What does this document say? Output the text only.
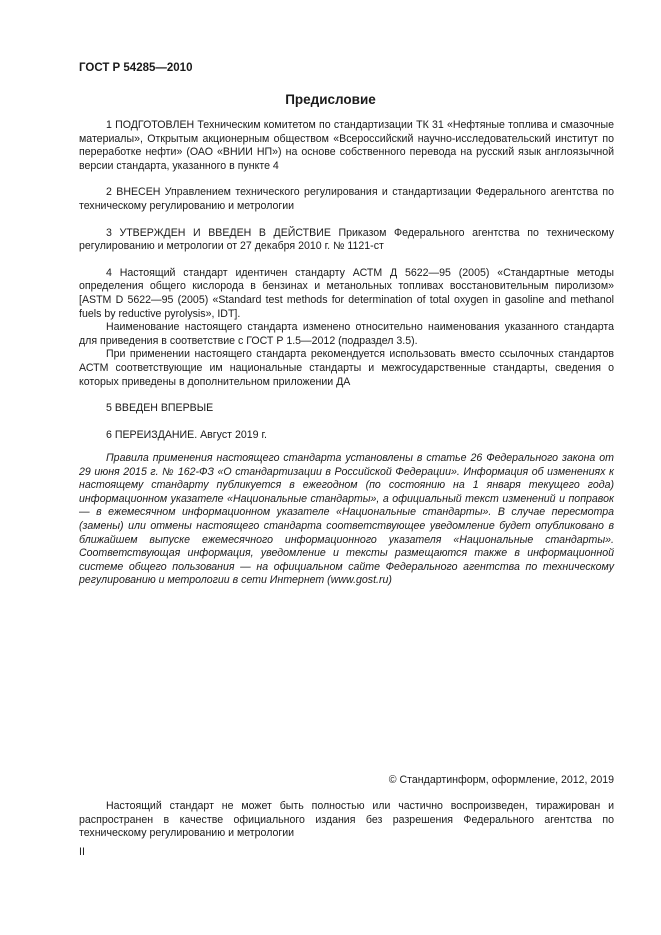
ГОСТ Р 54285—2010
Предисловие

1 ПОДГОТОВЛЕН Техническим комитетом по стандартизации ТК 31 «Нефтяные топлива и смазочные материалы», Открытым акционерным обществом «Всероссийский научно-исследовательский институт по переработке нефти» (ОАО «ВНИИ НП») на основе собственного перевода на русский язык англоязычной версии стандарта, указанного в пункте 4

2 ВНЕСЕН Управлением технического регулирования и стандартизации Федерального агентства по техническому регулированию и метрологии

3 УТВЕРЖДЕН И ВВЕДЕН В ДЕЙСТВИЕ Приказом Федерального агентства по техническому регулированию и метрологии от 27 декабря 2010 г. № 1121-ст

4 Настоящий стандарт идентичен стандарту АСТМ Д 5622—95 (2005) «Стандартные методы определения общего кислорода в бензинах и метанольных топливах восстановительным пиролизом» [ASTM D 5622—95 (2005) «Standard test methods for determination of total oxygen in gasoline and methanol fuels by reductive pyrolysis», IDT].

Наименование настоящего стандарта изменено относительно наименования указанного стандарта для приведения в соответствие с ГОСТ Р 1.5—2012 (подраздел 3.5).

При применении настоящего стандарта рекомендуется использовать вместо ссылочных стандартов АСТМ соответствующие им национальные стандарты и межгосударственные стандарты, сведения о которых приведены в дополнительном приложении ДА

5 ВВЕДЕН ВПЕРВЫЕ

6 ПЕРЕИЗДАНИЕ. Август 2019 г.

Правила применения настоящего стандарта установлены в статье 26 Федерального закона от 29 июня 2015 г. № 162-ФЗ «О стандартизации в Российской Федерации». Информация об изменениях к настоящему стандарту публикуется в ежегодном (по состоянию на 1 января текущего года) информационном указателе «Национальные стандарты», а официальный текст изменений и поправок — в ежемесячном информационном указателе «Национальные стандарты». В случае пересмотра (замены) или отмены настоящего стандарта соответствующее уведомление будет опубликовано в ближайшем выпуске ежемесячного информационного указателя «Национальные стандарты». Соответствующая информация, уведомление и тексты размещаются также в информационной системе общего пользования — на официальном сайте Федерального агентства по техническому регулированию и метрологии в сети Интернет (www.gost.ru)

© Стандартинформ, оформление, 2012, 2019

Настоящий стандарт не может быть полностью или частично воспроизведен, тиражирован и распространен в качестве официального издания без разрешения Федерального агентства по техническому регулированию и метрологии

II
